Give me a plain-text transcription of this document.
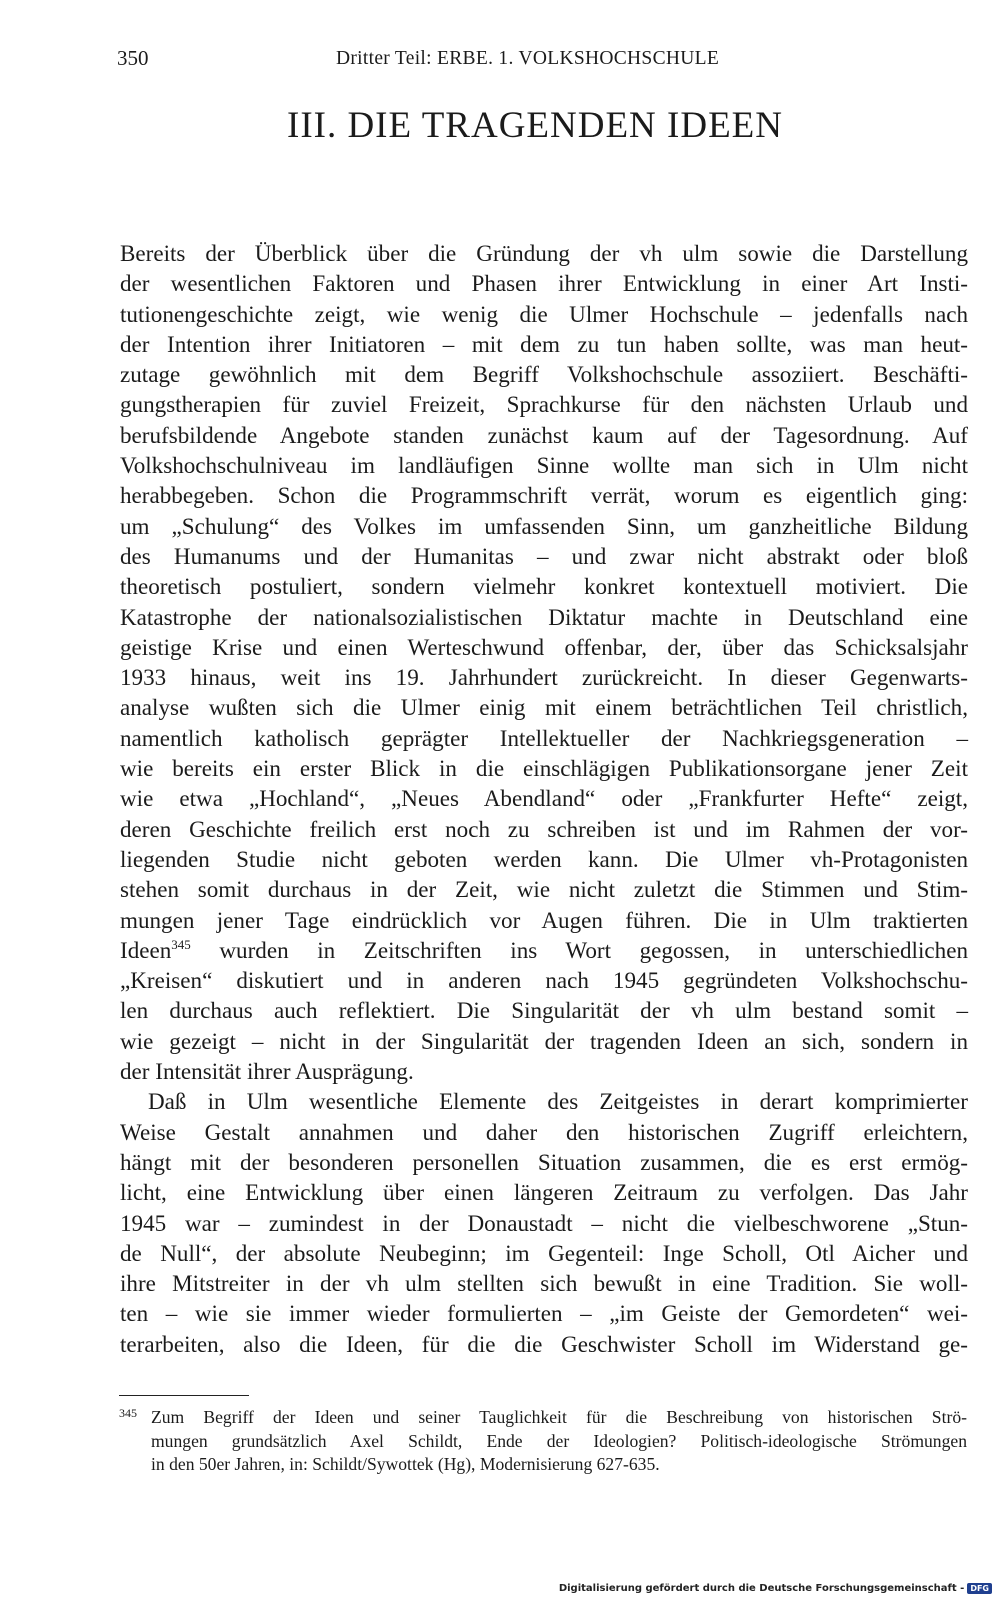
350	Dritter Teil: ERBE. 1. VOLKSHOCHSCHULE
III. DIE TRAGENDEN IDEEN
Bereits der Überblick über die Gründung der vh ulm sowie die Darstellung
der wesentlichen Faktoren und Phasen ihrer Entwicklung in einer Art Insti-
tutionengeschichte zeigt, wie wenig die Ulmer Hochschule – jedenfalls nach
der Intention ihrer Initiatoren – mit dem zu tun haben sollte, was man heut-
zutage gewöhnlich mit dem Begriff Volkshochschule assoziiert. Beschäfti-
gungstherapien für zuviel Freizeit, Sprachkurse für den nächsten Urlaub und
berufsbildende Angebote standen zunächst kaum auf der Tagesordnung. Auf
Volkshochschulniveau im landläufigen Sinne wollte man sich in Ulm nicht
herabbegeben. Schon die Programmschrift verrät, worum es eigentlich ging:
um „Schulung“ des Volkes im umfassenden Sinn, um ganzheitliche Bildung
des Humanums und der Humanitas – und zwar nicht abstrakt oder bloß
theoretisch postuliert, sondern vielmehr konkret kontextuell motiviert. Die
Katastrophe der nationalsozialistischen Diktatur machte in Deutschland eine
geistige Krise und einen Werteschwund offenbar, der, über das Schicksalsjahr
1933 hinaus, weit ins 19. Jahrhundert zurückreicht. In dieser Gegenwarts-
analyse wußten sich die Ulmer einig mit einem beträchtlichen Teil christlich,
namentlich katholisch geprägter Intellektueller der Nachkriegsgeneration –
wie bereits ein erster Blick in die einschlägigen Publikationsorgane jener Zeit
wie etwa „Hochland“, „Neues Abendland“ oder „Frankfurter Hefte“ zeigt,
deren Geschichte freilich erst noch zu schreiben ist und im Rahmen der vor-
liegenden Studie nicht geboten werden kann. Die Ulmer vh-Protagonisten
stehen somit durchaus in der Zeit, wie nicht zuletzt die Stimmen und Stim-
mungen jener Tage eindrücklich vor Augen führen. Die in Ulm traktierten
Ideen$^{345}$ wurden in Zeitschriften ins Wort gegossen, in unterschiedlichen
„Kreisen“ diskutiert und in anderen nach 1945 gegründeten Volkshochschu-
len durchaus auch reflektiert. Die Singularität der vh ulm bestand somit –
wie gezeigt – nicht in der Singularität der tragenden Ideen an sich, sondern in
der Intensität ihrer Ausprägung.
Daß in Ulm wesentliche Elemente des Zeitgeistes in derart komprimierter
Weise Gestalt annahmen und daher den historischen Zugriff erleichtern,
hängt mit der besonderen personellen Situation zusammen, die es erst ermög-
licht, eine Entwicklung über einen längeren Zeitraum zu verfolgen. Das Jahr
1945 war – zumindest in der Donaustadt – nicht die vielbeschworene „Stun-
de Null“, der absolute Neubeginn; im Gegenteil: Inge Scholl, Otl Aicher und
ihre Mitstreiter in der vh ulm stellten sich bewußt in eine Tradition. Sie woll-
ten – wie sie immer wieder formulierten – „im Geiste der Gemordeten“ wei-
terarbeiten, also die Ideen, für die die Geschwister Scholl im Widerstand ge-
345 Zum Begriff der Ideen und seiner Tauglichkeit für die Beschreibung von historischen Strö-
mungen grundsätzlich Axel Schildt, Ende der Ideologien? Politisch-ideologische Strömungen
in den 50er Jahren, in: Schildt/Sywottek (Hg), Modernisierung 627-635.
Digitalisierung gefördert durch die Deutsche Forschungsgemeinschaft - DFG
